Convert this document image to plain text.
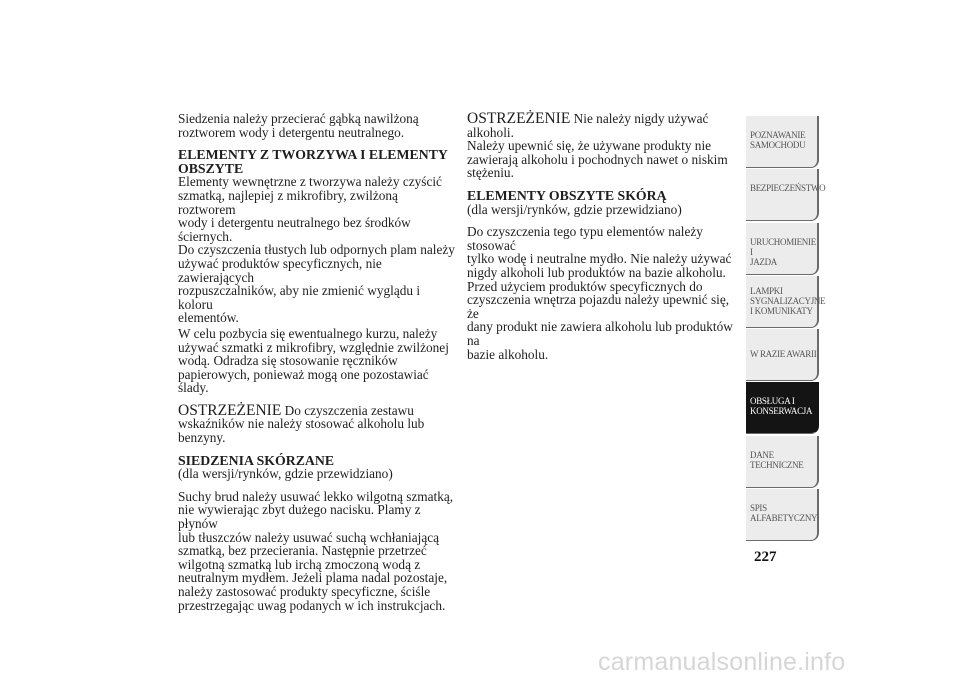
Siedzenia należy przecierać gąbką nawilżoną
roztworem wody i detergentu neutralnego.

ELEMENTY Z TWORZYWA I ELEMENTY
OBSZYTE

Elementy wewnętrzne z tworzywa należy czyścić
szmatką, najlepiej z mikrofibry, zwilżoną roztworem
wody i detergentu neutralnego bez środków ściernych.
Do czyszczenia tłustych lub odpornych plam należy
używać produktów specyficznych, nie zawierających
rozpuszczalników, aby nie zmienić wyglądu i koloru
elementów.

W celu pozbycia się ewentualnego kurzu, należy
używać szmatki z mikrofibry, względnie zwilżonej
wodą. Odradza się stosowanie ręczników
papierowych, ponieważ mogą one pozostawiać ślady.

OSTRZEŻENIE Do czyszczenia zestawu
wskaźników nie należy stosować alkoholu lub
benzyny.

SIEDZENIA SKÓRZANE

(dla wersji/rynków, gdzie przewidziano)

Suchy brud należy usuwać lekko wilgotną szmatką,
nie wywierając zbyt dużego nacisku. Plamy z płynów
lub tłuszczów należy usuwać suchą wchłaniającą
szmatką, bez przecierania. Następnie przetrzeć
wilgotną szmatką lub irchą zmoczoną wodą z
neutralnym mydłem. Jeżeli plama nadal pozostaje,
należy zastosować produkty specyficzne, ściśle
przestrzegając uwag podanych w ich instrukcjach.

OSTRZEŻENIE Nie należy nigdy używać alkoholi.
Należy upewnić się, że używane produkty nie
zawierają alkoholu i pochodnych nawet o niskim
stężeniu.

ELEMENTY OBSZYTE SKÓRĄ

(dla wersji/rynków, gdzie przewidziano)

Do czyszczenia tego typu elementów należy stosować
tylko wodę i neutralne mydło. Nie należy używać
nigdy alkoholi lub produktów na bazie alkoholu.
Przed użyciem produktów specyficznych do
czyszczenia wnętrza pojazdu należy upewnić się, że
dany produkt nie zawiera alkoholu lub produktów na
bazie alkoholu.

POZNAWANIE
SAMOCHODU
BEZPIECZEŃSTWO
URUCHOMIENIE I
JAZDA
LAMPKI
SYGNALIZACYJNE
I KOMUNIKATY
W RAZIE AWARII
OBSŁUGA I
KONSERWACJA
DANE
TECHNICZNE
SPIS
ALFABETYCZNY
227
carmanualsonline.info
